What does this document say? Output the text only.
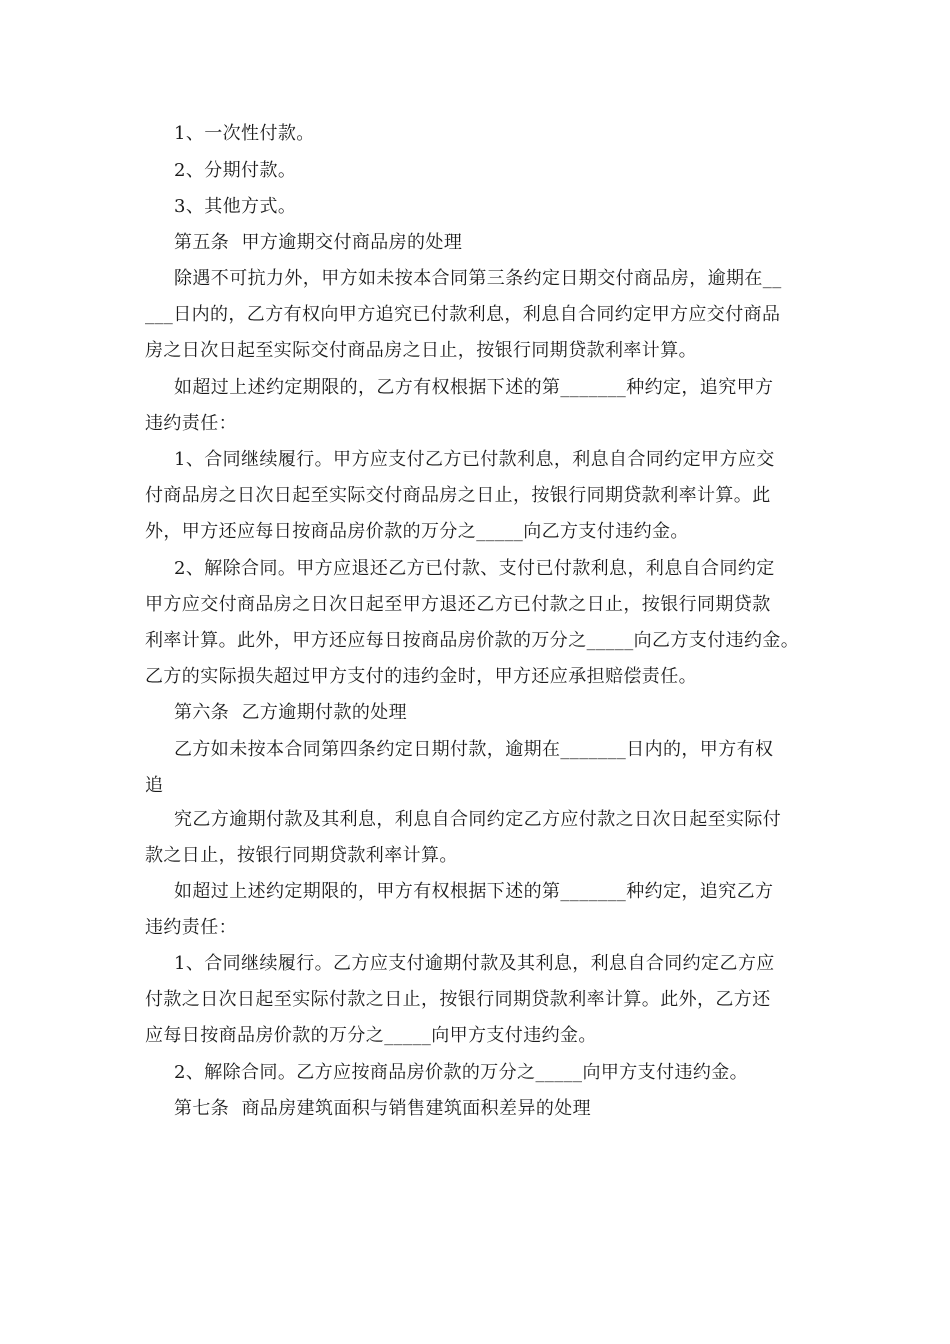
1、一次性付款。
2、分期付款。
3、其他方式。
第五条  甲方逾期交付商品房的处理
除遇不可抗力外，甲方如未按本合同第三条约定日期交付商品房，逾期在__
___日内的，乙方有权向甲方追究已付款利息，利息自合同约定甲方应交付商品
房之日次日起至实际交付商品房之日止，按银行同期贷款利率计算。
如超过上述约定期限的，乙方有权根据下述的第_______种约定，追究甲方
违约责任：
1、合同继续履行。甲方应支付乙方已付款利息，利息自合同约定甲方应交
付商品房之日次日起至实际交付商品房之日止，按银行同期贷款利率计算。此
外，甲方还应每日按商品房价款的万分之_____向乙方支付违约金。
2、解除合同。甲方应退还乙方已付款、支付已付款利息，利息自合同约定
甲方应交付商品房之日次日起至甲方退还乙方已付款之日止，按银行同期贷款
利率计算。此外，甲方还应每日按商品房价款的万分之_____向乙方支付违约金。
乙方的实际损失超过甲方支付的违约金时，甲方还应承担赔偿责任。
第六条  乙方逾期付款的处理
乙方如未按本合同第四条约定日期付款，逾期在_______日内的，甲方有权
追
究乙方逾期付款及其利息，利息自合同约定乙方应付款之日次日起至实际付
款之日止，按银行同期贷款利率计算。
如超过上述约定期限的，甲方有权根据下述的第_______种约定，追究乙方
违约责任：
1、合同继续履行。乙方应支付逾期付款及其利息，利息自合同约定乙方应
付款之日次日起至实际付款之日止，按银行同期贷款利率计算。此外，乙方还
应每日按商品房价款的万分之_____向甲方支付违约金。
2、解除合同。乙方应按商品房价款的万分之_____向甲方支付违约金。
第七条  商品房建筑面积与销售建筑面积差异的处理
